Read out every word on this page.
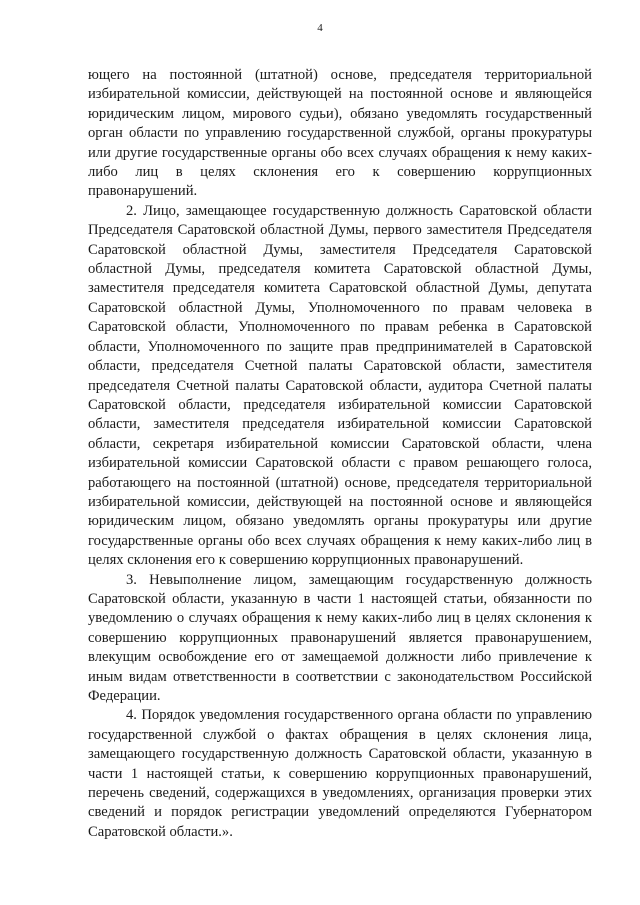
4

ющего на постоянной (штатной) основе, председателя территориальной избирательной комиссии, действующей на постоянной основе и являющейся юридическим лицом, мирового судьи), обязано уведомлять государственный орган области по управлению государственной службой, органы прокуратуры или другие государственные органы обо всех случаях обращения к нему каких-либо лиц в целях склонения его к совершению коррупционных правонарушений.

2. Лицо, замещающее государственную должность Саратовской области Председателя Саратовской областной Думы, первого заместителя Председателя Саратовской областной Думы, заместителя Председателя Саратовской областной Думы, председателя комитета Саратовской областной Думы, заместителя председателя комитета Саратовской областной Думы, депутата Саратовской областной Думы, Уполномоченного по правам человека в Саратовской области, Уполномоченного по правам ребенка в Саратовской области, Уполномоченного по защите прав предпринимателей в Саратовской области, председателя Счетной палаты Саратовской области, заместителя председателя Счетной палаты Саратовской области, аудитора Счетной палаты Саратовской области, председателя избирательной комиссии Саратовской области, заместителя председателя избирательной комиссии Саратовской области, секретаря избирательной комиссии Саратовской области, члена избирательной комиссии Саратовской области с правом решающего голоса, работающего на постоянной (штатной) основе, председателя территориальной избирательной комиссии, действующей на постоянной основе и являющейся юридическим лицом, обязано уведомлять органы прокуратуры или другие государственные органы обо всех случаях обращения к нему каких-либо лиц в целях склонения его к совершению коррупционных правонарушений.

3. Невыполнение лицом, замещающим государственную должность Саратовской области, указанную в части 1 настоящей статьи, обязанности по уведомлению о случаях обращения к нему каких-либо лиц в целях склонения к совершению коррупционных правонарушений является правонарушением, влекущим освобождение его от замещаемой должности либо привлечение к иным видам ответственности в соответствии с законодательством Российской Федерации.

4. Порядок уведомления государственного органа области по управлению государственной службой о фактах обращения в целях склонения лица, замещающего государственную должность Саратовской области, указанную в части 1 настоящей статьи, к совершению коррупционных правонарушений, перечень сведений, содержащихся в уведомлениях, организация проверки этих сведений и порядок регистрации уведомлений определяются Губернатором Саратовской области.».
